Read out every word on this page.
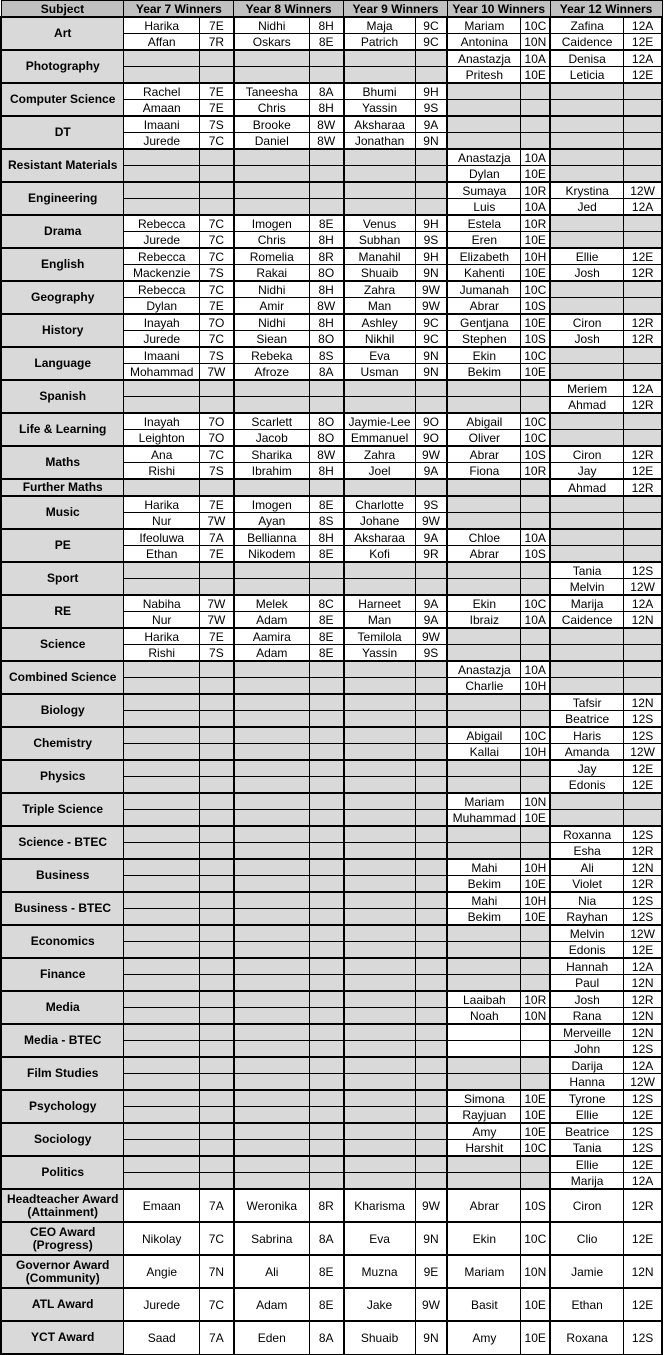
Subject	Year 7 Winners		Year 8 Winners		Year 9 Winners		Year 10 Winners		Year 12 Winners	
Art	Harika	7E	Nidhi	8H	Maja	9C	Mariam	10C	Zafina	12A
	Affan	7R	Oskars	8E	Patrich	9C	Antonina	10N	Caidence	12E
Photography							Anastazja	10A	Denisa	12A
							Pritesh	10E	Leticia	12E
Computer Science	Rachel	7E	Taneesha	8A	Bhumi	9H				
	Amaan	7E	Chris	8H	Yassin	9S				
DT	Imaani	7S	Brooke	8W	Aksharaa	9A				
	Jurede	7C	Daniel	8W	Jonathan	9N				
Resistant Materials							Anastazja	10A		
							Dylan	10E		
Engineering							Sumaya	10R	Krystina	12W
							Luis	10A	Jed	12A
Drama	Rebecca	7C	Imogen	8E	Venus	9H	Estela	10R		
	Jurede	7C	Chris	8H	Subhan	9S	Eren	10E		
English	Rebecca	7C	Romelia	8R	Manahil	9H	Elizabeth	10H	Ellie	12E
	Mackenzie	7S	Rakai	8O	Shuaib	9N	Kahenti	10E	Josh	12R
Geography	Rebecca	7C	Nidhi	8H	Zahra	9W	Jumanah	10C		
	Dylan	7E	Amir	8W	Man	9W	Abrar	10S		
History	Inayah	7O	Nidhi	8H	Ashley	9C	Gentjana	10E	Ciron	12R
	Jurede	7C	Siean	8O	Nikhil	9C	Stephen	10S	Josh	12R
Language	Imaani	7S	Rebeka	8S	Eva	9N	Ekin	10C		
	Mohammad	7W	Afroze	8A	Usman	9N	Bekim	10E		
Spanish									Meriem	12A
									Ahmad	12R
Life & Learning	Inayah	7O	Scarlett	8O	Jaymie-Lee	9O	Abigail	10C		
	Leighton	7O	Jacob	8O	Emmanuel	9O	Oliver	10C		
Maths	Ana	7C	Sharika	8W	Zahra	9W	Abrar	10S	Ciron	12R
	Rishi	7S	Ibrahim	8H	Joel	9A	Fiona	10R	Jay	12E
Further Maths									Ahmad	12R
Music	Harika	7E	Imogen	8E	Charlotte	9S				
	Nur	7W	Ayan	8S	Johane	9W				
PE	Ifeoluwa	7A	Bellianna	8H	Aksharaa	9A	Chloe	10A		
	Ethan	7E	Nikodem	8E	Kofi	9R	Abrar	10S		
Sport									Tania	12S
									Melvin	12W
RE	Nabiha	7W	Melek	8C	Harneet	9A	Ekin	10C	Marija	12A
	Nur	7W	Adam	8E	Man	9A	Ibraiz	10A	Caidence	12N
Science	Harika	7E	Aamira	8E	Temilola	9W				
	Rishi	7S	Adam	8E	Yassin	9S				
Combined Science							Anastazja	10A		
							Charlie	10H		
Biology									Tafsir	12N
									Beatrice	12S
Chemistry							Abigail	10C	Haris	12S
							Kallai	10H	Amanda	12W
Physics									Jay	12E
									Edonis	12E
Triple Science							Mariam	10N		
							Muhammad	10E		
Science - BTEC									Roxanna	12S
									Esha	12R
Business							Mahi	10H	Ali	12N
							Bekim	10E	Violet	12R
Business - BTEC							Mahi	10H	Nia	12S
							Bekim	10E	Rayhan	12S
Economics									Melvin	12W
									Edonis	12E
Finance									Hannah	12A
									Paul	12N
Media							Laaibah	10R	Josh	12R
							Noah	10N	Rana	12N
Media - BTEC									Merveille	12N
									John	12S
Film Studies									Darija	12A
									Hanna	12W
Psychology							Simona	10E	Tyrone	12S
							Rayjuan	10E	Ellie	12E
Sociology							Amy	10E	Beatrice	12S
							Harshit	10C	Tania	12S
Politics									Ellie	12E
									Marija	12A
Headteacher Award (Attainment)	Emaan	7A	Weronika	8R	Kharisma	9W	Abrar	10S	Ciron	12R
CEO Award (Progress)	Nikolay	7C	Sabrina	8A	Eva	9N	Ekin	10C	Clio	12E
Governor Award (Community)	Angie	7N	Ali	8E	Muzna	9E	Mariam	10N	Jamie	12N
ATL Award	Jurede	7C	Adam	8E	Jake	9W	Basit	10E	Ethan	12E
YCT Award	Saad	7A	Eden	8A	Shuaib	9N	Amy	10E	Roxana	12S
